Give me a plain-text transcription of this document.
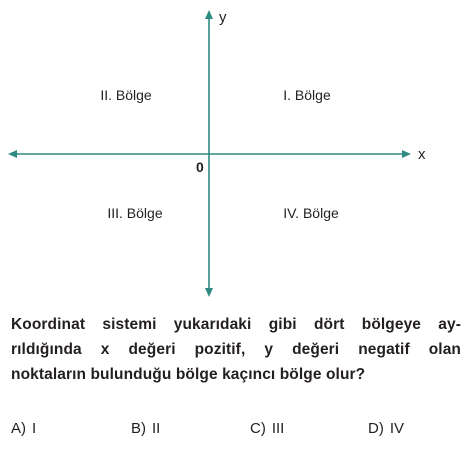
y
x
0
II. Bölge	I. Bölge
III. Bölge	IV. Bölge

Koordinat sistemi yukarıdaki gibi dört bölgeye ay-
rıldığında x değeri pozitif, y değeri negatif olan
noktaların bulunduğu bölge kaçıncı bölge olur?

A) I	B) II	C) III	D) IV
